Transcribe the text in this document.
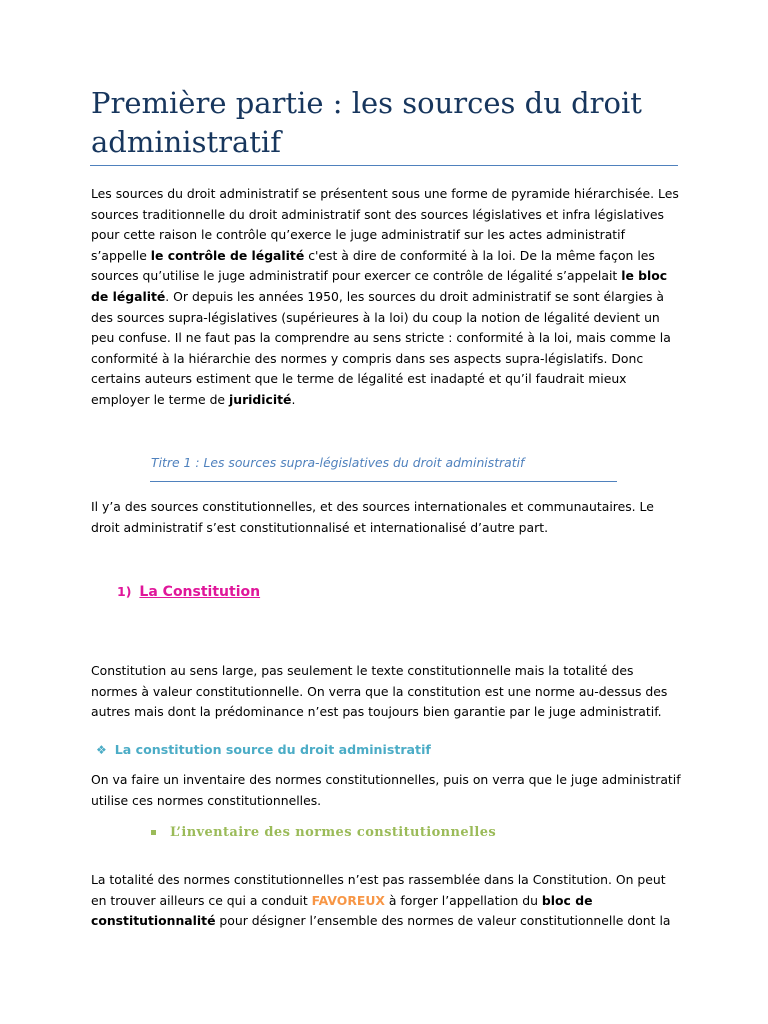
Première partie : les sources du droit administratif

Les sources du droit administratif se présentent sous une forme de pyramide hiérarchisée. Les sources traditionnelle du droit administratif sont des sources législatives et infra législatives pour cette raison le contrôle qu’exerce le juge administratif sur les actes administratif s’appelle le contrôle de légalité c'est à dire de conformité à la loi. De la même façon les sources qu’utilise le juge administratif pour exercer ce contrôle de légalité s’appelait le bloc de légalité. Or depuis les années 1950, les sources du droit administratif se sont élargies à des sources supra-législatives (supérieures à la loi) du coup la notion de légalité devient un peu confuse. Il ne faut pas la comprendre au sens stricte : conformité à la loi, mais comme la conformité à la hiérarchie des normes y compris dans ses aspects supra-législatifs. Donc certains auteurs estiment que le terme de légalité est inadapté et qu’il faudrait mieux employer le terme de juridicité.

Titre 1 : Les sources supra-législatives du droit administratif

Il y’a des sources constitutionnelles, et des sources internationales et communautaires. Le droit administratif s’est constitutionnalisé et internationalisé d’autre part.

1) La Constitution

Constitution au sens large, pas seulement le texte constitutionnelle mais la totalité des normes à valeur constitutionnelle. On verra que la constitution est une norme au-dessus des autres mais dont la prédominance n’est pas toujours bien garantie par le juge administratif.

❖ La constitution source du droit administratif

On va faire un inventaire des normes constitutionnelles, puis on verra que le juge administratif utilise ces normes constitutionnelles.

L’inventaire des normes constitutionnelles

La totalité des normes constitutionnelles n’est pas rassemblée dans la Constitution. On peut en trouver ailleurs ce qui a conduit FAVOREUX à forger l’appellation du bloc de constitutionnalité pour désigner l’ensemble des normes de valeur constitutionnelle dont la
